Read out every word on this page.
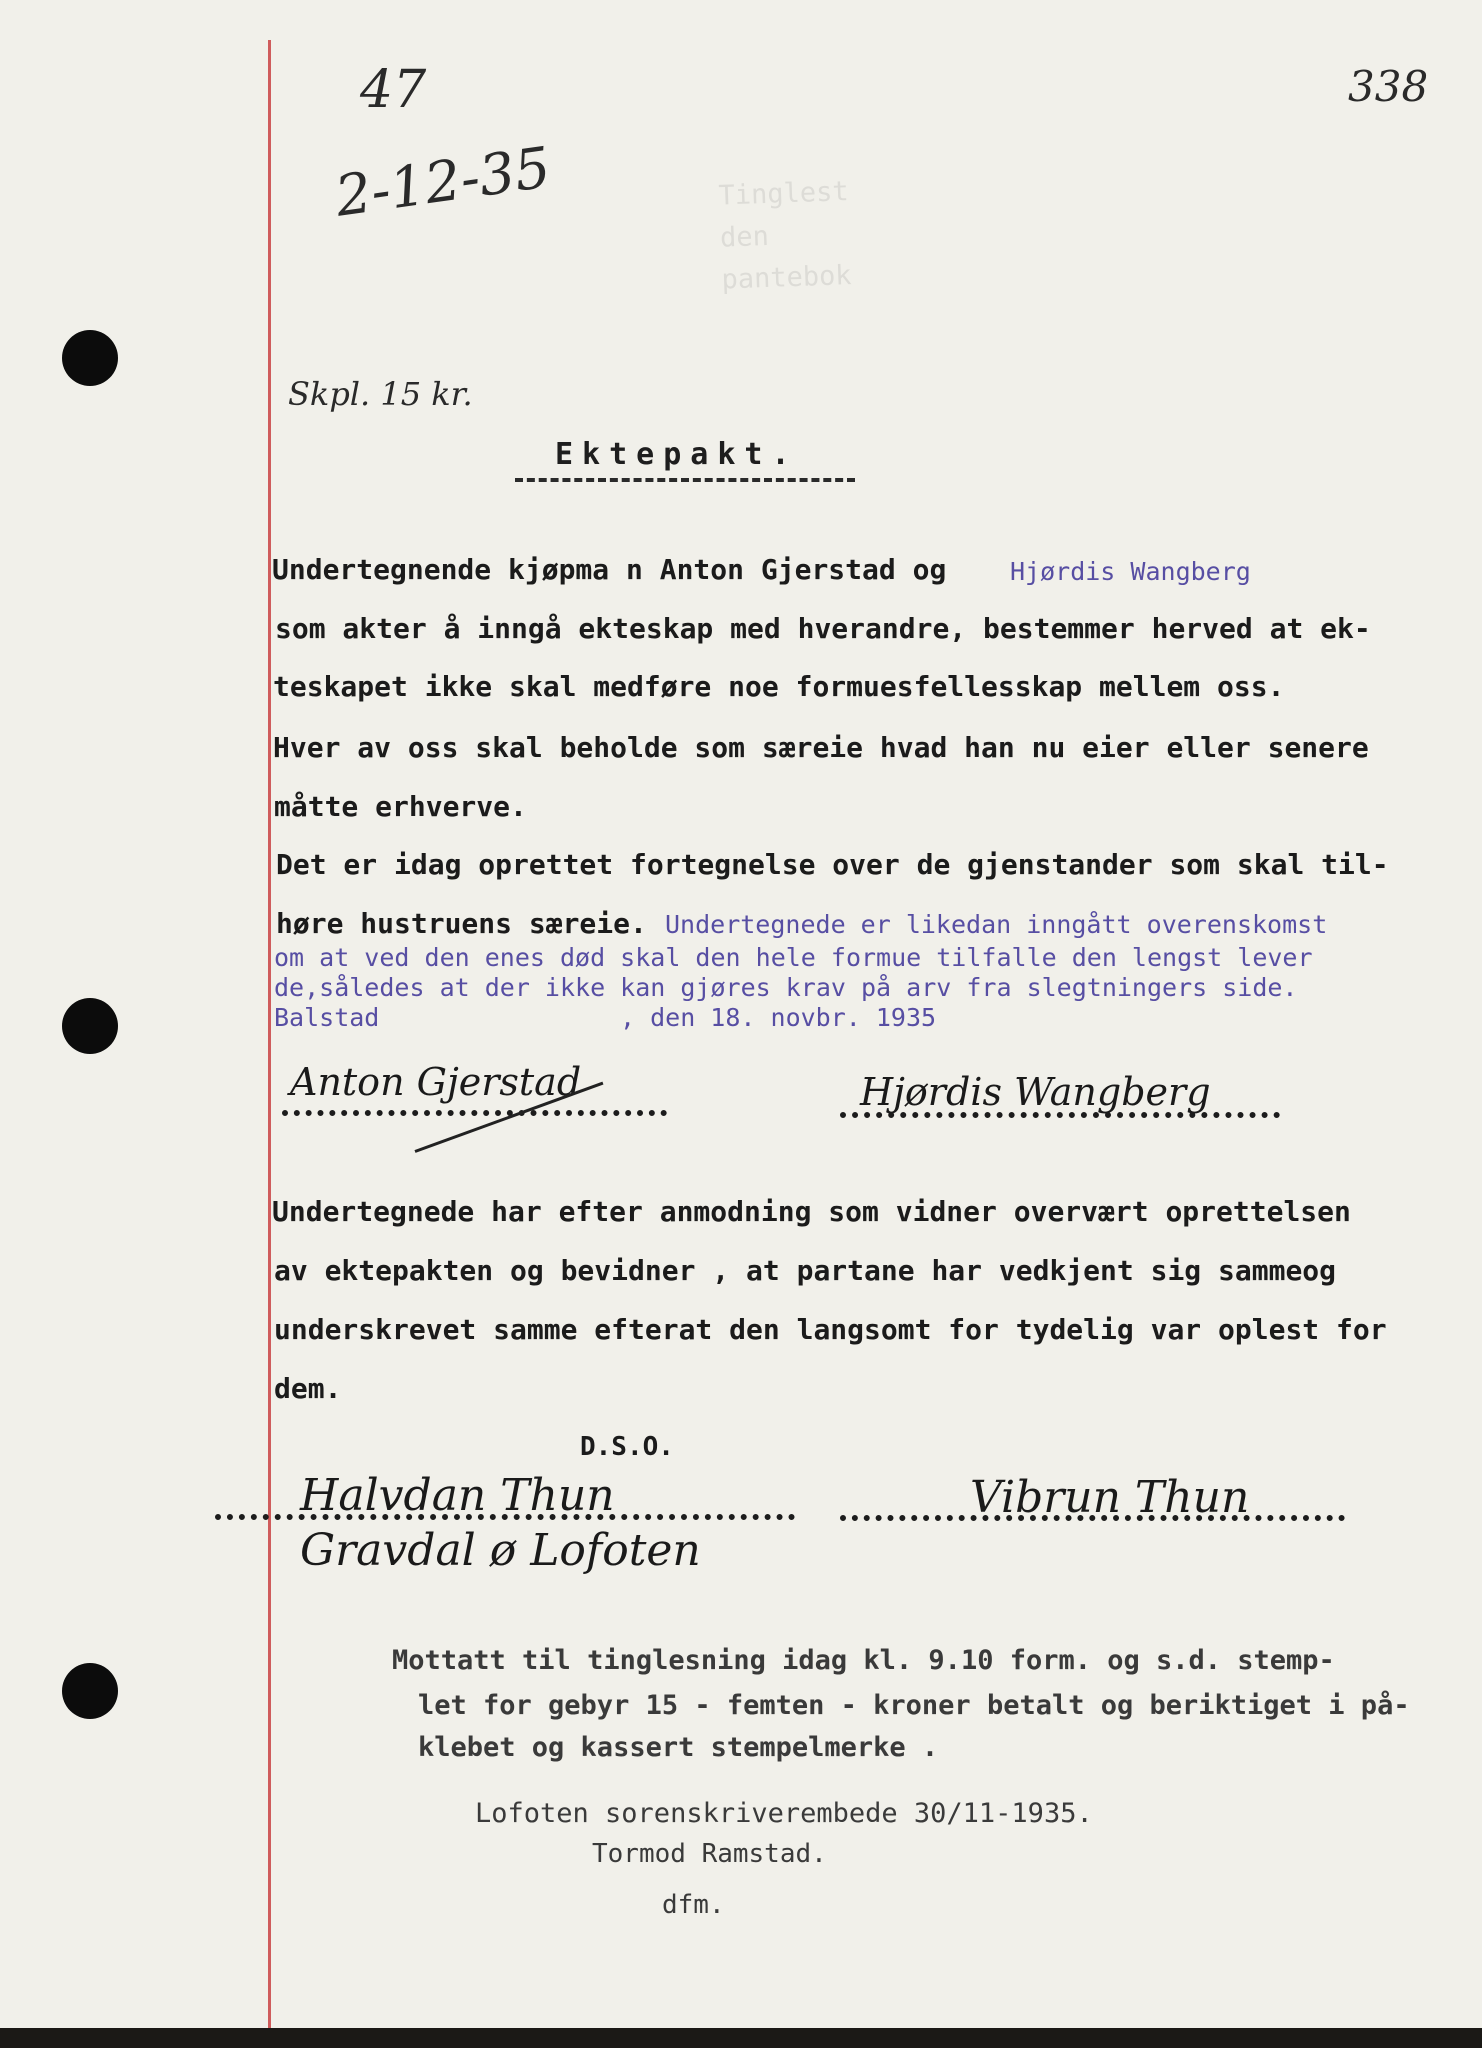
47
2-12-35
338
Skpl. 15 kr.
Tinglest
den
pantebok
Ektepakt.
Undertegnende kjøpma n Anton Gjerstad og	Hjørdis Wangberg
som akter å inngå ekteskap med hverandre, bestemmer herved at ek-
teskapet ikke skal medføre noe formuesfellesskap mellem oss.
Hver av oss skal beholde som særeie hvad han nu eier eller senere
måtte erhverve.
Det er idag oprettet fortegnelse over de gjenstander som skal til-
høre hustruens særeie. Undertegnede er likedan inngått overenskomst
om at ved den enes død skal den hele formue tilfalle den lengst lever
de,således at der ikke kan gjøres krav på arv fra slegtningers side.
Balstad	, den 18. novbr. 1935
Anton Gjerstad	Hjørdis Wangberg
Undertegnede har efter anmodning som vidner overvært oprettelsen
av ektepakten og bevidner , at partane har vedkjent sig sammeog
underskrevet samme efterat den langsomt for tydelig var oplest for
dem.
D.S.O.
Halvdan Thun
Gravdal ø Lofoten
Vibrun Thun
Mottatt til tinglesning idag kl. 9.10 form. og s.d. stemp-
let for gebyr 15 - femten - kroner betalt og beriktiget i på-
klebet og kassert stempelmerke .
Lofoten sorenskriverembede 30/11-1935.
Tormod Ramstad.
dfm.
